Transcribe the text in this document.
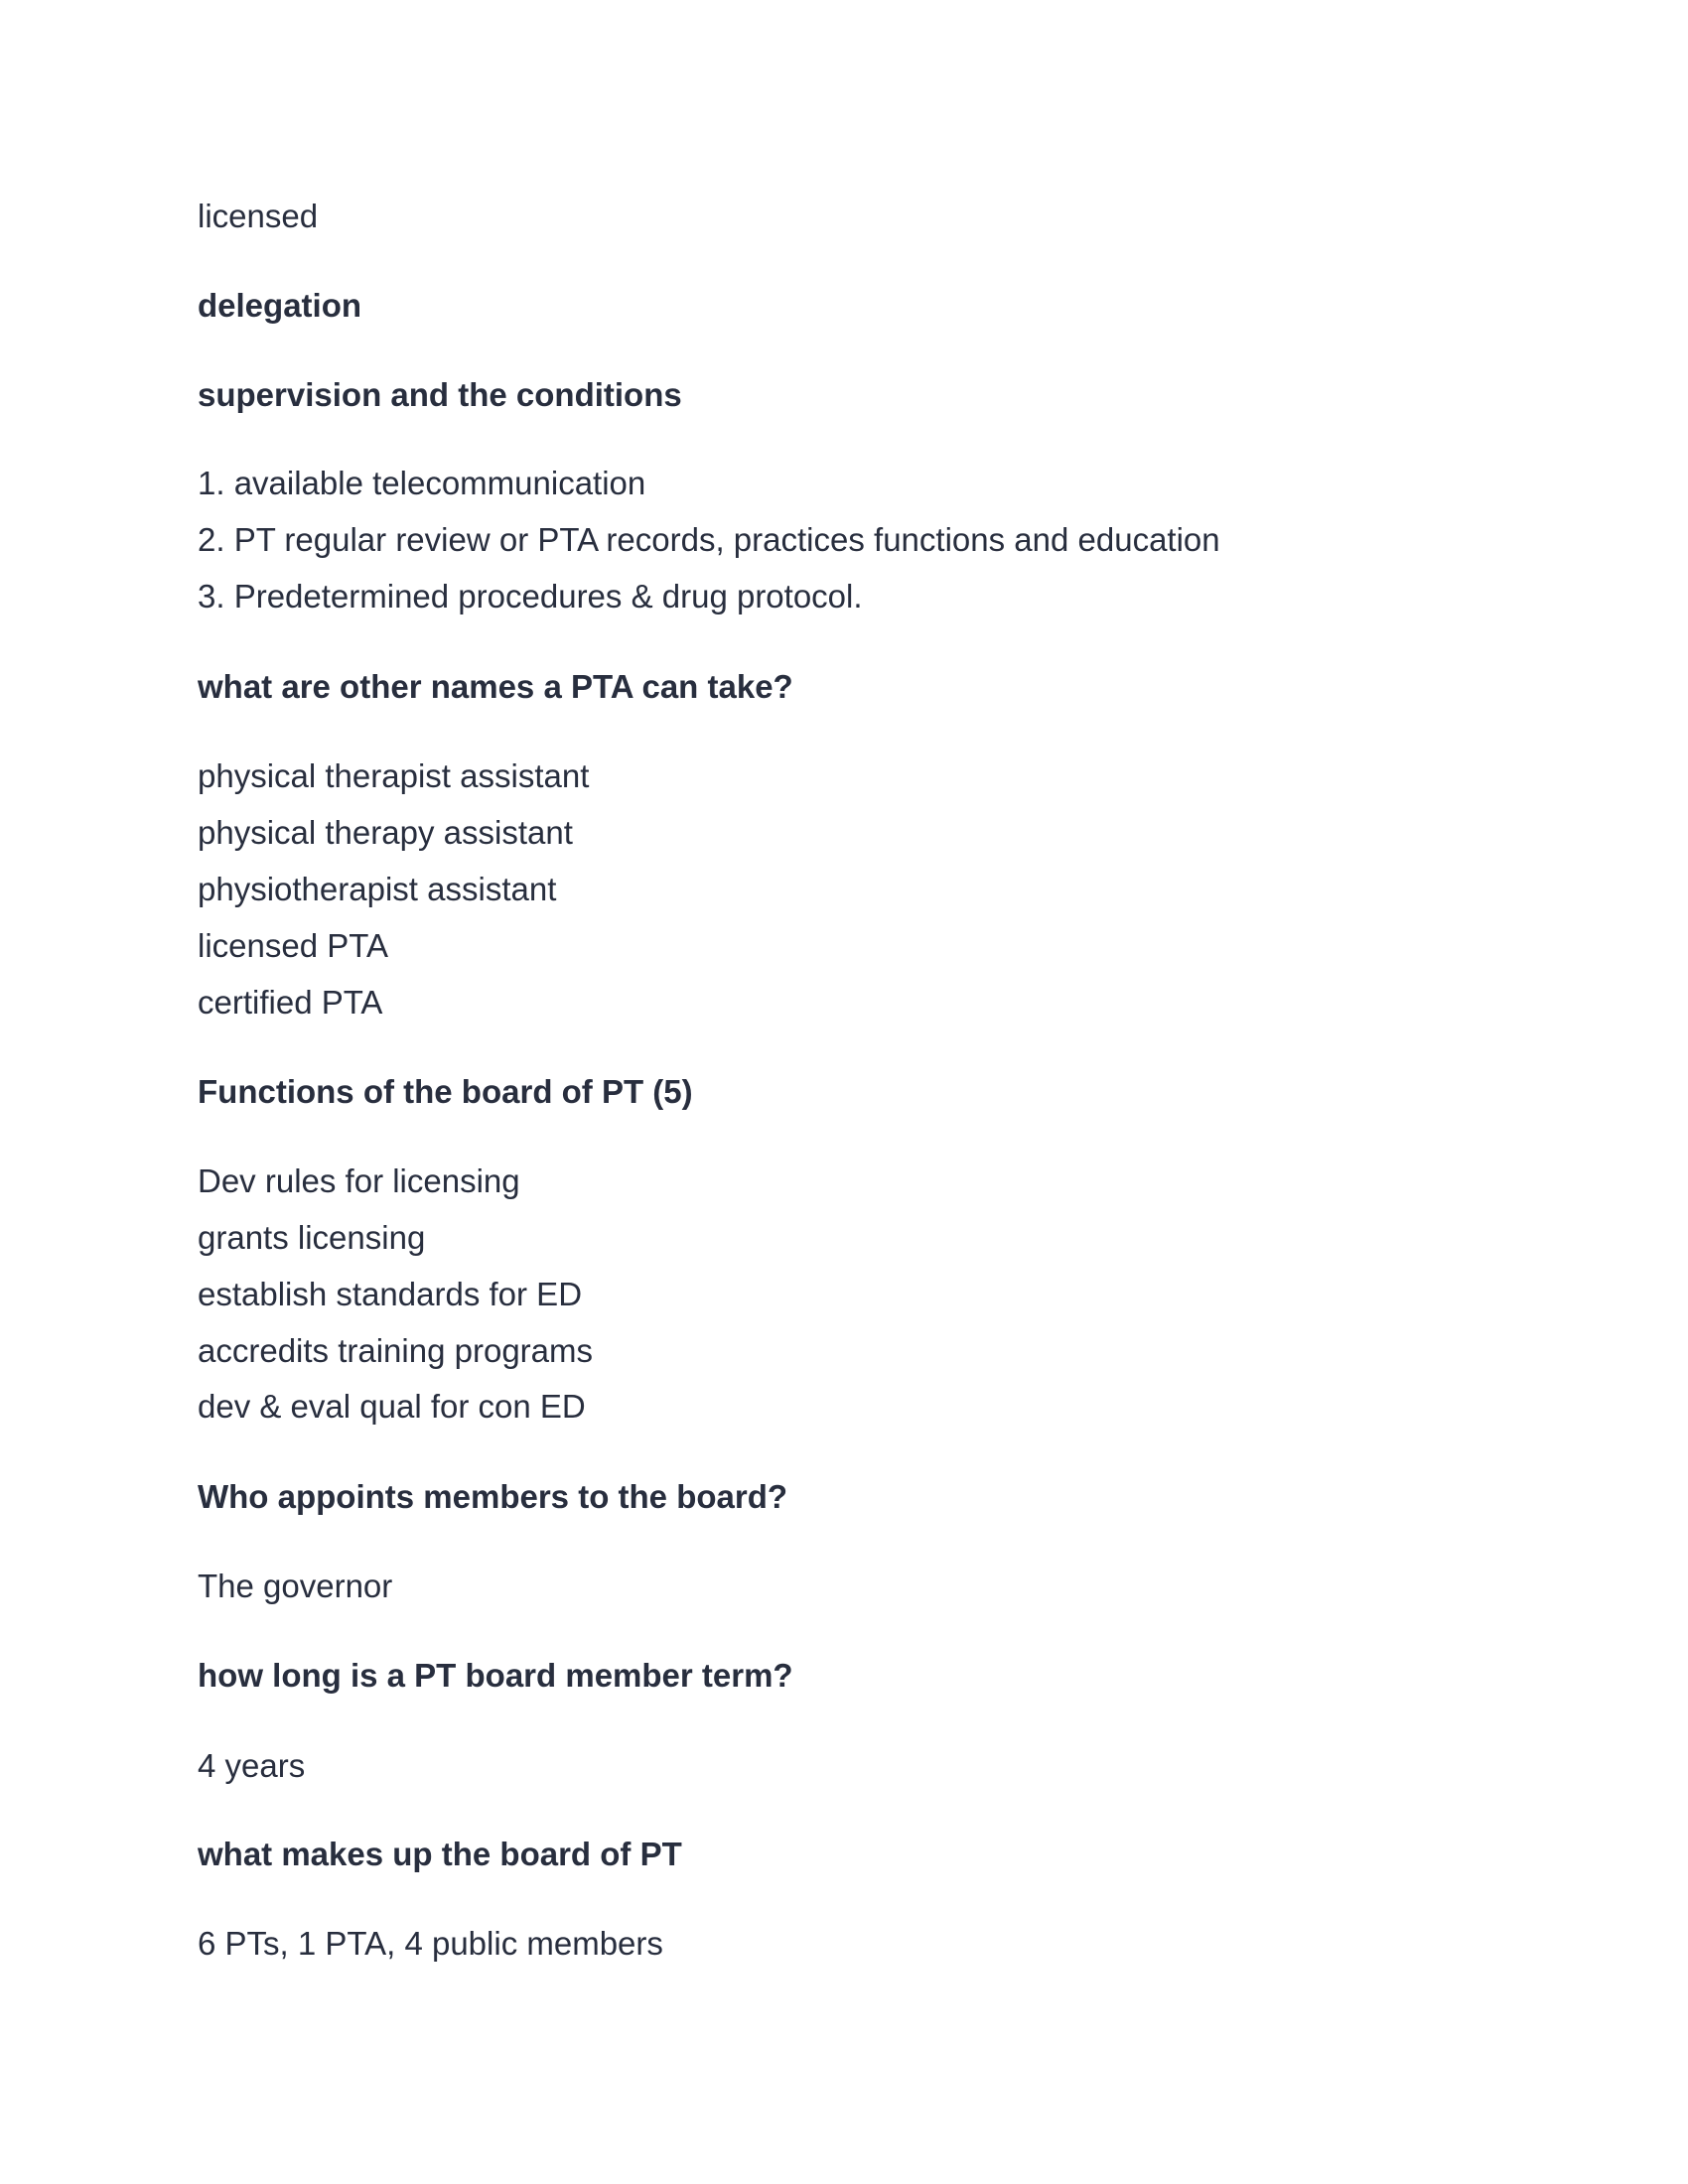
licensed
delegation
supervision and the conditions
1. available telecommunication
2. PT regular review or PTA records, practices functions and education
3. Predetermined procedures & drug protocol.
what are other names a PTA can take?
physical therapist assistant
physical therapy assistant
physiotherapist assistant
licensed PTA
certified PTA
Functions of the board of PT (5)
Dev rules for licensing
grants licensing
establish standards for ED
accredits training programs
dev & eval qual for con ED
Who appoints members to the board?
The governor
how long is a PT board member term?
4 years
what makes up the board of PT
6 PTs, 1 PTA, 4 public members
